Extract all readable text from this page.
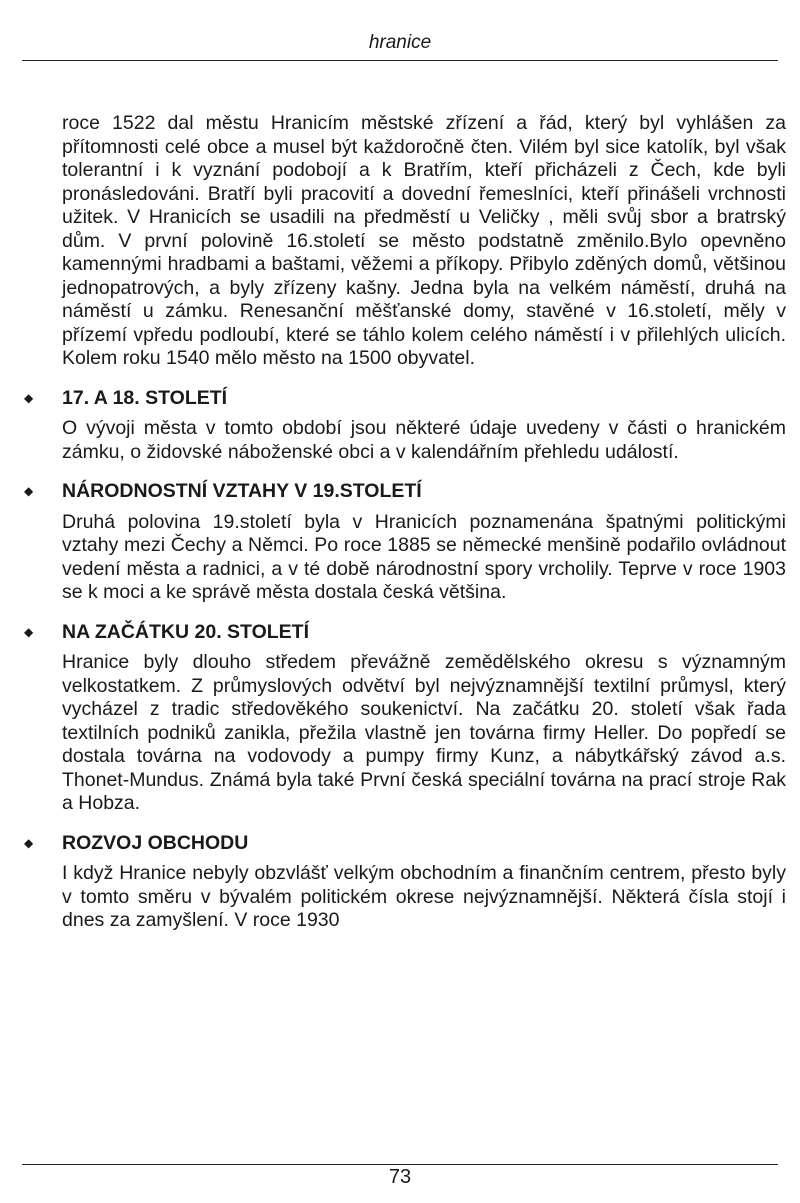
hranice

roce 1522 dal městu Hranicím městské zřízení a řád, který byl vyhlášen za přítomnosti celé obce a musel být každoročně čten. Vilém byl sice katolík, byl však tolerantní i k vyznání podobojí a k Bratřím, kteří přicházeli z Čech, kde byli pronásledováni. Bratří byli pracovití a dovední řemeslníci, kteří přinášeli vrchnosti užitek. V Hranicích se usadili na předměstí u Veličky , měli svůj sbor a bratrský dům. V první polovině 16.století se město podstatně změnilo.Bylo opevněno kamennými hradbami a baštami, věžemi a příkopy. Přibylo zděných domů, většinou jednopatrových, a byly zřízeny kašny. Jedna byla na velkém náměstí, druhá na náměstí u zámku. Renesanční měšťanské domy, stavěné v 16.století, měly v přízemí vpředu podloubí, které se táhlo kolem celého náměstí i v přilehlých ulicích. Kolem roku 1540 mělo město na 1500 obyvatel.

◆ 17. A 18. STOLETÍ

O vývoji města v tomto období jsou některé údaje uvedeny v části o hranickém zámku, o židovské náboženské obci a v kalendářním přehledu událostí.

◆ NÁRODNOSTNÍ VZTAHY V 19.STOLETÍ

Druhá polovina 19.století byla v Hranicích poznamenána špatnými politickými vztahy mezi Čechy a Němci. Po roce 1885 se německé menšině podařilo ovládnout vedení města a radnici, a v té době národnostní spory vrcholily. Teprve v roce 1903 se k moci a ke správě města dostala česká většina.

◆ NA ZAČÁTKU 20. STOLETÍ

Hranice byly dlouho středem převážně zemědělského okresu s významným velkostatkem. Z průmyslových odvětví byl nejvýznamnější textilní průmysl, který vycházel z tradic středověkého soukenictví. Na začátku 20. století však řada textilních podniků zanikla, přežila vlastně jen továrna firmy Heller. Do popředí se dostala továrna na vodovody a pumpy firmy Kunz, a nábytkářský závod a.s. Thonet-Mundus. Známá byla také První česká speciální továrna na prací stroje Rak a Hobza.

◆ ROZVOJ OBCHODU

I když Hranice nebyly obzvlášť velkým obchodním a finančním centrem, přesto byly v tomto směru v bývalém politickém okrese nejvýznamnější. Některá čísla stojí i dnes za zamyšlení. V roce 1930

73
